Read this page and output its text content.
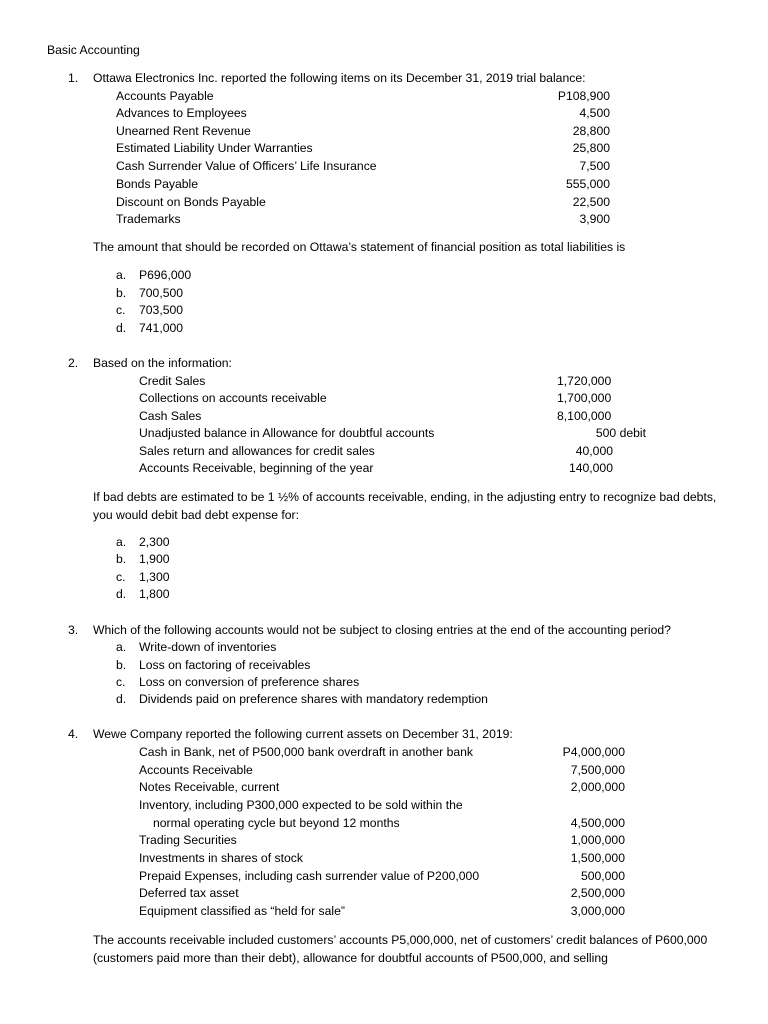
Basic Accounting
1. Ottawa Electronics Inc. reported the following items on its December 31, 2019 trial balance:
Accounts Payable	P108,900
Advances to Employees	4,500
Unearned Rent Revenue	28,800
Estimated Liability Under Warranties	25,800
Cash Surrender Value of Officers’ Life Insurance	7,500
Bonds Payable	555,000
Discount on Bonds Payable	22,500
Trademarks	3,900
The amount that should be recorded on Ottawa’s statement of financial position as total liabilities is
a. P696,000
b. 700,500
c. 703,500
d. 741,000
2. Based on the information:
Credit Sales	1,720,000
Collections on accounts receivable	1,700,000
Cash Sales	8,100,000
Unadjusted balance in Allowance for doubtful accounts	500 debit
Sales return and allowances for credit sales	40,000
Accounts Receivable, beginning of the year	140,000
If bad debts are estimated to be 1 ½% of accounts receivable, ending, in the adjusting entry to recognize bad debts, you would debit bad debt expense for:
a. 2,300
b. 1,900
c. 1,300
d. 1,800
3. Which of the following accounts would not be subject to closing entries at the end of the accounting period?
a. Write-down of inventories
b. Loss on factoring of receivables
c. Loss on conversion of preference shares
d. Dividends paid on preference shares with mandatory redemption
4. Wewe Company reported the following current assets on December 31, 2019:
Cash in Bank, net of P500,000 bank overdraft in another bank	P4,000,000
Accounts Receivable	7,500,000
Notes Receivable, current	2,000,000
Inventory, including P300,000 expected to be sold within the
normal operating cycle but beyond 12 months	4,500,000
Trading Securities	1,000,000
Investments in shares of stock	1,500,000
Prepaid Expenses, including cash surrender value of P200,000	500,000
Deferred tax asset	2,500,000
Equipment classified as “held for sale”	3,000,000
The accounts receivable included customers’ accounts P5,000,000, net of customers’ credit balances of P600,000 (customers paid more than their debt), allowance for doubtful accounts of P500,000, and selling
